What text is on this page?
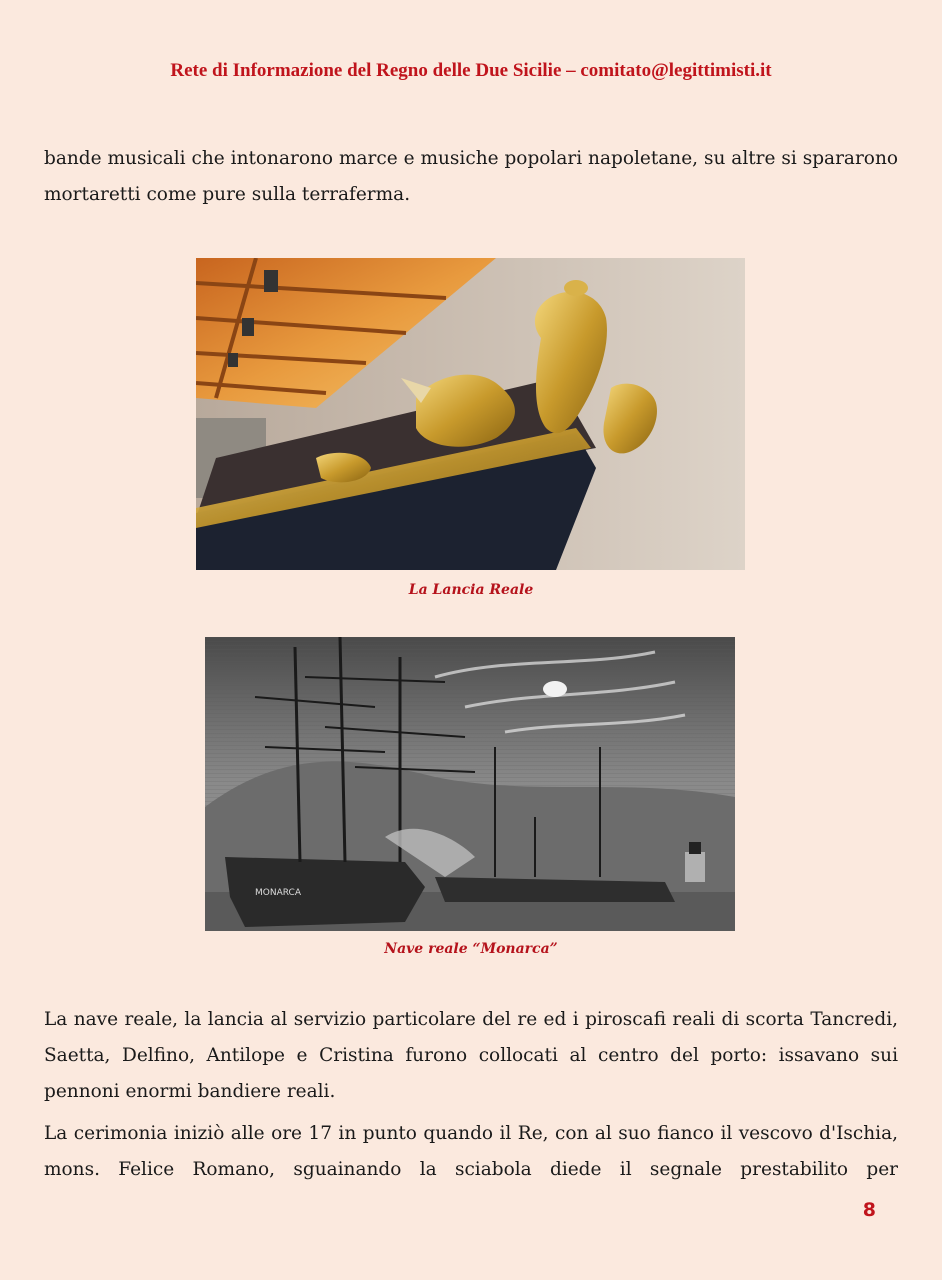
Rete di Informazione del Regno delle Due Sicilie – comitato@legittimisti.it

bande musicali che intonarono marce e musiche popolari napoletane, su altre si spararono mortaretti come pure sulla terraferma.

La Lancia Reale
MONARCA
Nave reale “Monarca”

La nave reale, la lancia al servizio particolare del re ed i piroscafi reali di scorta Tancredi, Saetta, Delfino, Antilope e Cristina furono collocati al centro del porto: issavano sui pennoni enormi bandiere reali.

La cerimonia iniziò alle ore 17 in punto quando il Re, con al suo fianco il vescovo d'Ischia, mons. Felice Romano, sguainando la sciabola diede il segnale prestabilito per

8
